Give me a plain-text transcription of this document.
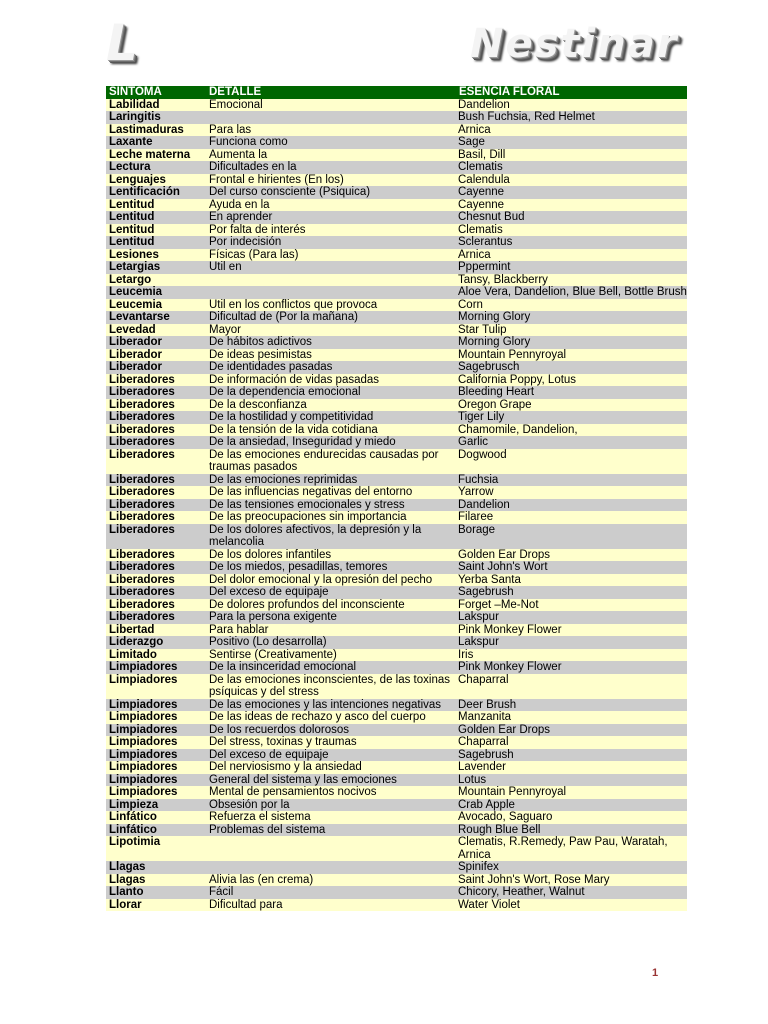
L	Nestinar
SINTOMA	DETALLE	ESENCIA FLORAL
Labilidad	Emocional	Dandelion
Laringitis		Bush Fuchsia, Red Helmet
Lastimaduras	Para las	Arnica
Laxante	Funciona como	Sage
Leche materna	Aumenta la	Basil, Dill
Lectura	Dificultades en la	Clematis
Lenguajes	Frontal e hirientes (En los)	Calendula
Lentificación	Del curso consciente (Psiquica)	Cayenne
Lentitud	Ayuda en la	Cayenne
Lentitud	En aprender	Chesnut Bud
Lentitud	Por falta de interés	Clematis
Lentitud	Por indecisión	Sclerantus
Lesiones	Físicas (Para las)	Arnica
Letargias	Útil en	Pppermint
Letargo		Tansy, Blackberry
Leucemia		Aloe Vera, Dandelion, Blue Bell, Bottle Brush
Leucemia	Útil en los conflictos que provoca	Corn
Levantarse	Dificultad de (Por la mañana)	Morning Glory
Levedad	Mayor	Star Tulip
Liberador	De hábitos adictivos	Morning Glory
Liberador	De ideas pesimistas	Mountain Pennyroyal
Liberador	De identidades pasadas	Sagebrusch
Liberadores	De información de vidas pasadas	California Poppy, Lotus
Liberadores	De la dependencia emocional	Bleeding Heart
Liberadores	De la desconfianza	Oregon Grape
Liberadores	De la hostilidad y competitividad	Tiger Lily
Liberadores	De la tensión de la vida cotidiana	Chamomile, Dandelion,
Liberadores	De la ansiedad, Inseguridad y miedo	Garlic
Liberadores	De las emociones endurecidas causadas por traumas pasados	Dogwood
Liberadores	De las emociones reprimidas	Fuchsia
Liberadores	De las influencias negativas del entorno	Yarrow
Liberadores	De las tensiones emocionales y stress	Dandelion
Liberadores	De las preocupaciones sin importancia	Filaree
Liberadores	De los dolores afectivos, la depresión y la melancolia	Borage
Liberadores	De los dolores infantiles	Golden Ear Drops
Liberadores	De los miedos, pesadillas, temores	Saint John's Wort
Liberadores	Del dolor emocional y la opresión del pecho	Yerba Santa
Liberadores	Del exceso de equipaje	Sagebrush
Liberadores	De dolores profundos del inconsciente	Forget –Me-Not
Liberadores	Para la persona exigente	Lakspur
Libertad	Para hablar	Pink Monkey Flower
Liderazgo	Positivo (Lo desarrolla)	Lakspur
Limitado	Sentirse (Creativamente)	Iris
Limpiadores	De la insinceridad emocional	Pink Monkey Flower
Limpiadores	De las emociones inconscientes, de las toxinas psíquicas y del stress	Chaparral
Limpiadores	De las emociones y las intenciones negativas	Deer Brush
Limpiadores	De las ideas de rechazo y asco del cuerpo	Manzanita
Limpiadores	De los recuerdos dolorosos	Golden Ear Drops
Limpiadores	Del stress, toxinas y traumas	Chaparral
Limpiadores	Del exceso de equipaje	Sagebrush
Limpiadores	Del nerviosismo y la ansiedad	Lavender
Limpiadores	General del sistema y las emociones	Lotus
Limpiadores	Mental de pensamientos nocivos	Mountain Pennyroyal
Limpieza	Obsesión por la	Crab Apple
Linfático	Refuerza el sistema	Avocado, Saguaro
Linfático	Problemas del sistema	Rough Blue Bell
Lipotimia		Clematis, R.Remedy, Paw Pau, Waratah, Arnica
Llagas		Spinifex
Llagas	Alivia las (en crema)	Saint John's Wort, Rose Mary
Llanto	Fácil	Chicory, Heather, Walnut
Llorar	Dificultad para	Water Violet
1
